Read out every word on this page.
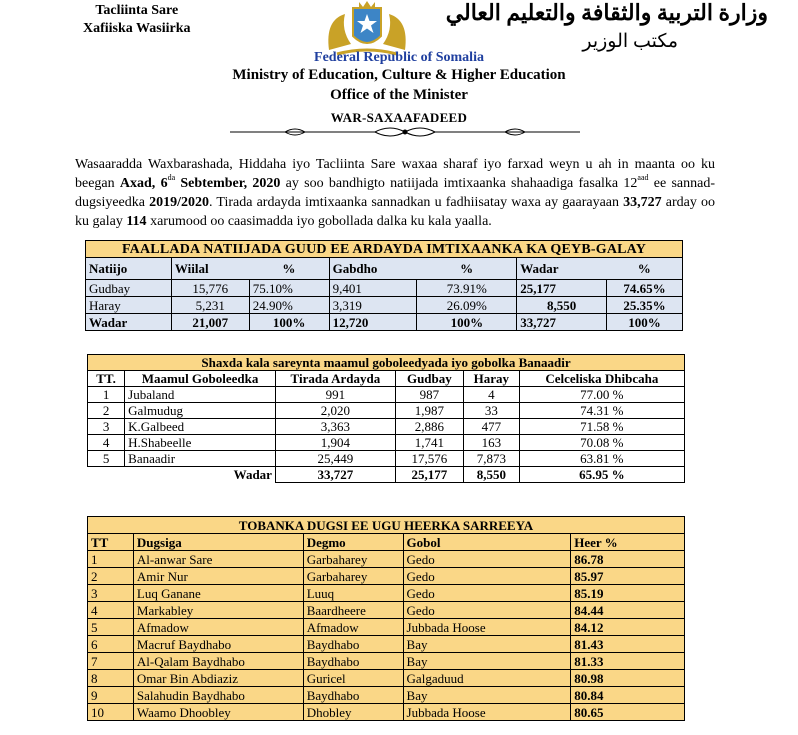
Tacliinta Sare
Xafiiska Wasiirka
وزارة التربية والثقافة والتعليم العالي
مكتب الوزير
Federal Republic of Somalia
Ministry of Education, Culture & Higher Education
Office of the Minister
WAR-SAXAAFADEED
Wasaaradda Waxbarashada, Hiddaha iyo Tacliinta Sare waxaa sharaf iyo farxad weyn u ah in maanta oo ku beegan Axad, $6^{da}$ Sebtember, 2020 ay soo bandhigto natiijada imtixaanka shahaadiga fasalka $12^{aad}$ ee sannad-dugsiyeedka 2019/2020. Tirada ardayda imtixaanka sannadkan u fadhiisatay waxa ay gaarayaan 33,727 arday oo ku galay 114 xarumood oo caasimadda iyo gobollada dalka ku kala yaalla.
FAALLADA NATIIJADA GUUD EE ARDAYDA IMTIXAANKA KA QEYB-GALAY						
Natiijo	Wiilal	%	Gabdho	%	Wadar	%
Gudbay	15,776	75.10%	9,401	73.91%	25,177	74.65%
Haray	5,231	24.90%	3,319	26.09%	8,550	25.35%
Wadar	21,007	100%	12,720	100%	33,727	100%
Shaxda kala sareynta maamul goboleedyada iyo gobolka Banaadir					
TT.	Maamul Goboleedka	Tirada Ardayda	Gudbay	Haray	Celceliska Dhibcaha
1	Jubaland	991	987	4	77.00 %
2	Galmudug	2,020	1,987	33	74.31 %
3	K.Galbeed	3,363	2,886	477	71.58 %
4	H.Shabeelle	1,904	1,741	163	70.08 %
5	Banaadir	25,449	17,576	7,873	63.81 %
Wadar		33,727	25,177	8,550	65.95 %
TOBANKA DUGSI EE UGU HEERKA SARREEYA				
TT	Dugsiga	Degmo	Gobol	Heer %
1	Al-anwar Sare	Garbaharey	Gedo	86.78
2	Amir Nur	Garbaharey	Gedo	85.97
3	Luq Ganane	Luuq	Gedo	85.19
4	Markabley	Baardheere	Gedo	84.44
5	Afmadow	Afmadow	Jubbada Hoose	84.12
6	Macruf Baydhabo	Baydhabo	Bay	81.43
7	Al-Qalam Baydhabo	Baydhabo	Bay	81.33
8	Omar Bin Abdiaziz	Guricel	Galgaduud	80.98
9	Salahudin Baydhabo	Baydhabo	Bay	80.84
10	Waamo Dhoobley	Dhobley	Jubbada Hoose	80.65
